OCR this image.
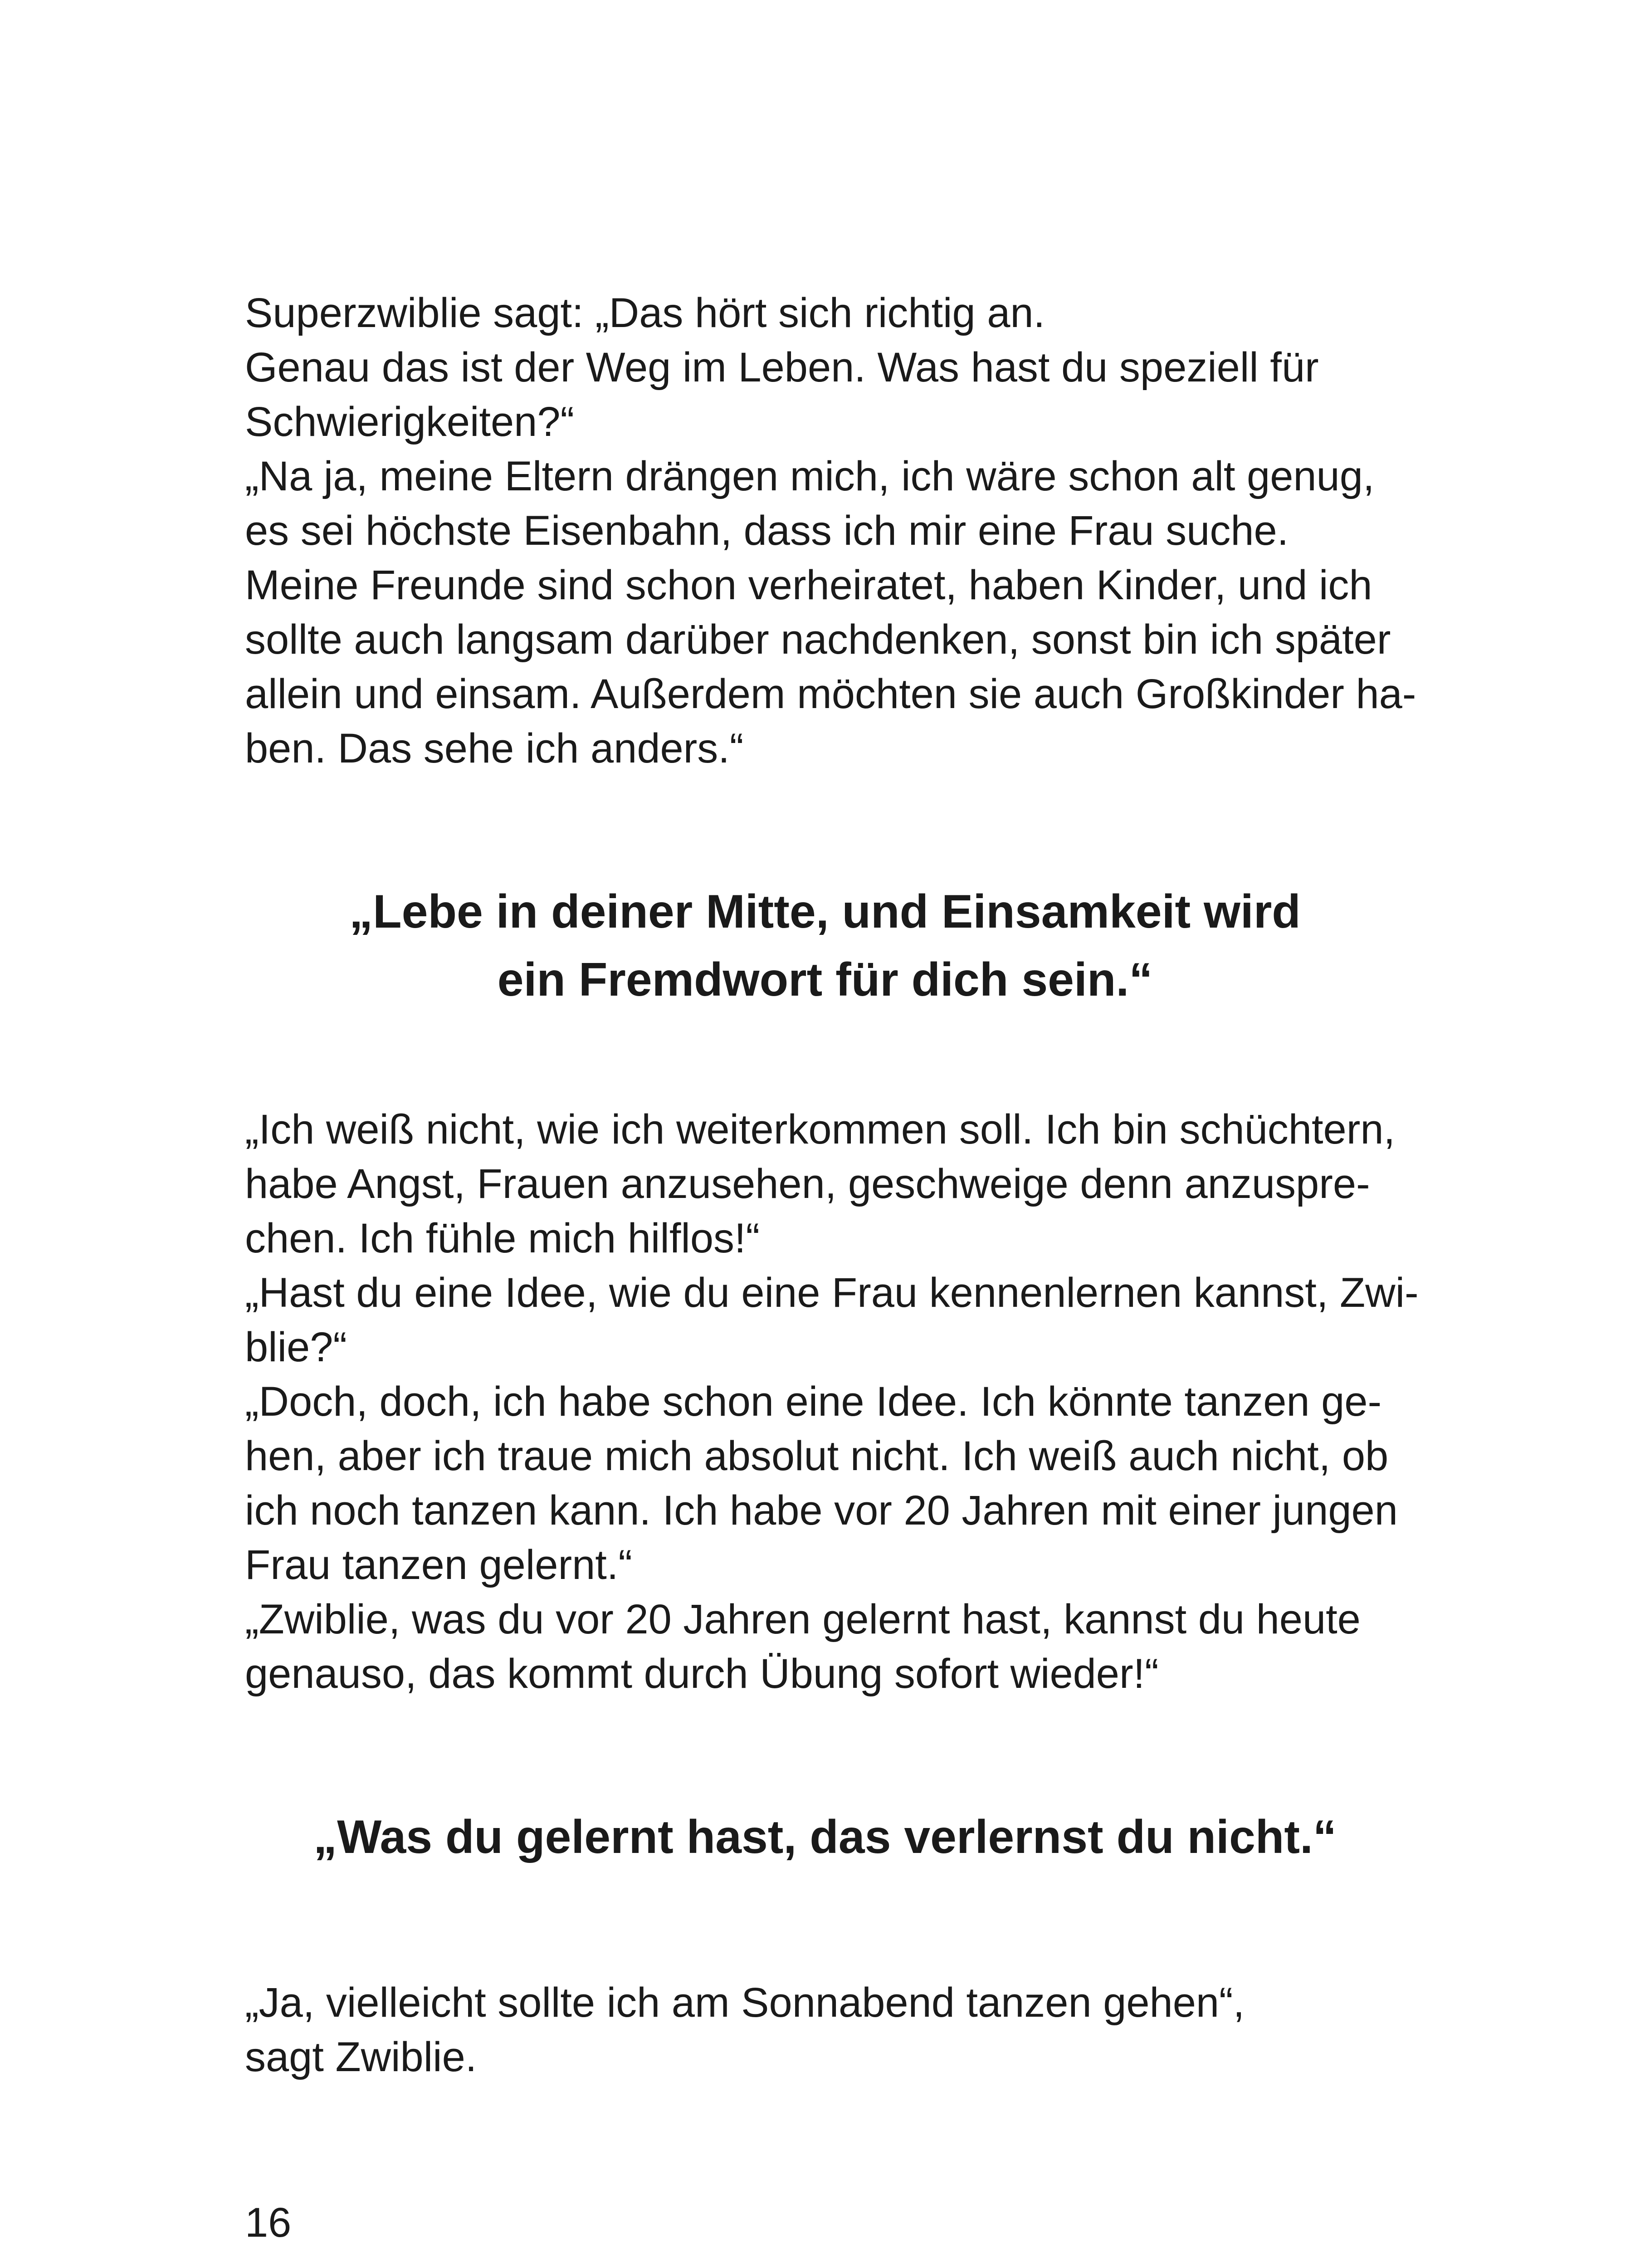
Superzwiblie sagt: „Das hört sich richtig an.
Genau das ist der Weg im Leben. Was hast du speziell für
Schwierigkeiten?“
„Na ja, meine Eltern drängen mich, ich wäre schon alt genug,
es sei höchste Eisenbahn, dass ich mir eine Frau suche.
Meine Freunde sind schon verheiratet, haben Kinder, und ich
sollte auch langsam darüber nachdenken, sonst bin ich später
allein und einsam. Außerdem möchten sie auch Großkinder ha-
ben. Das sehe ich anders.“
„Lebe in deiner Mitte, und Einsamkeit wird
ein Fremdwort für dich sein.“
„Ich weiß nicht, wie ich weiterkommen soll. Ich bin schüchtern,
habe Angst, Frauen anzusehen, geschweige denn anzuspre-
chen. Ich fühle mich hilflos!“
„Hast du eine Idee, wie du eine Frau kennenlernen kannst, Zwi-
blie?“
„Doch, doch, ich habe schon eine Idee. Ich könnte tanzen ge-
hen, aber ich traue mich absolut nicht. Ich weiß auch nicht, ob
ich noch tanzen kann. Ich habe vor 20 Jahren mit einer jungen
Frau tanzen gelernt.“
„Zwiblie, was du vor 20 Jahren gelernt hast, kannst du heute
genauso, das kommt durch Übung sofort wieder!“
„Was du gelernt hast, das verlernst du nicht.“
„Ja, vielleicht sollte ich am Sonnabend tanzen gehen“,
sagt Zwiblie.
16
